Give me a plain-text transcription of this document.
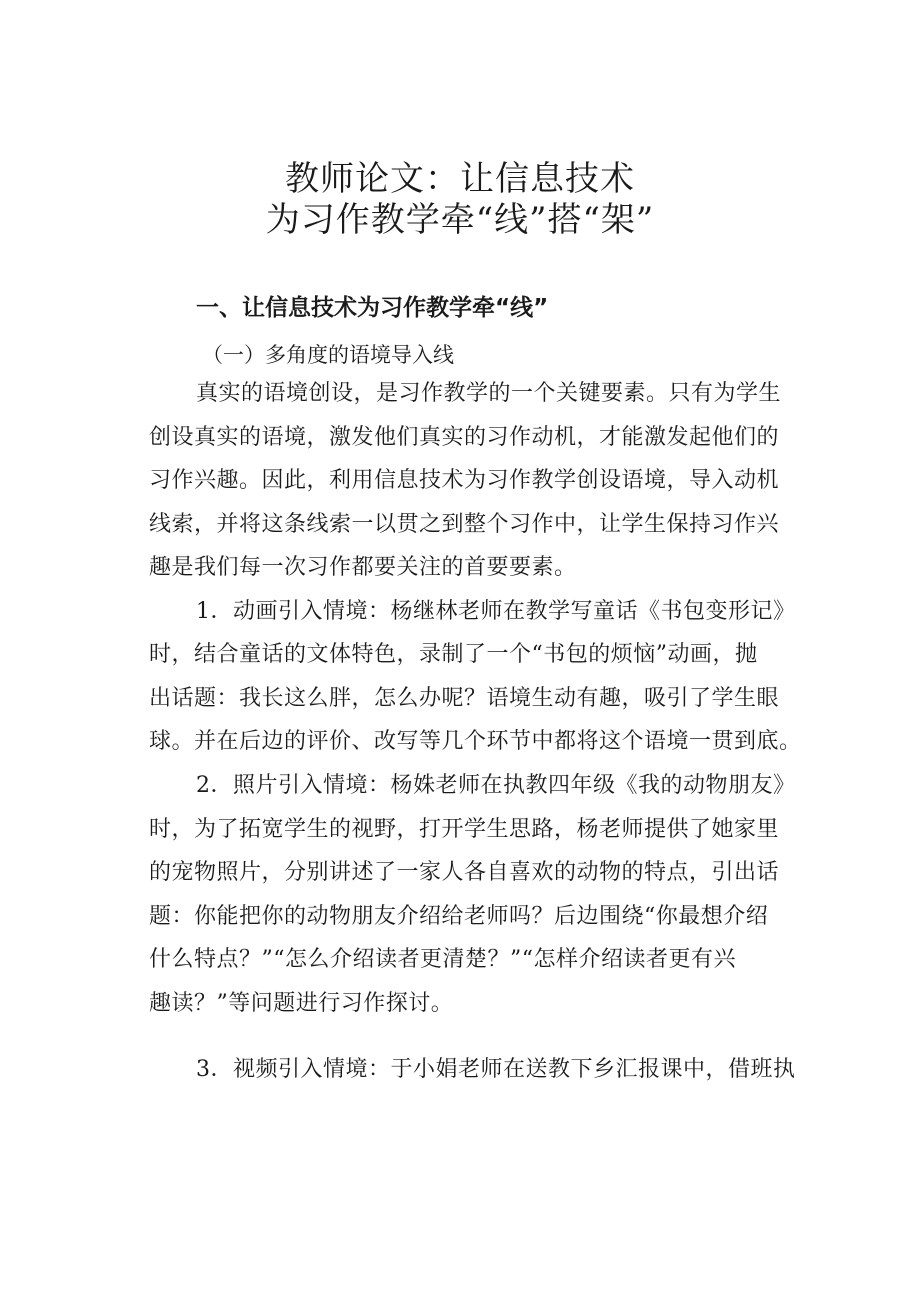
教师论文：让信息技术
为习作教学牵“线”搭“架”
一、让信息技术为习作教学牵“线”
（一）多角度的语境导入线
真实的语境创设，是习作教学的一个关键要素。只有为学生
创设真实的语境，激发他们真实的习作动机，才能激发起他们的
习作兴趣。因此，利用信息技术为习作教学创设语境，导入动机
线索，并将这条线索一以贯之到整个习作中，让学生保持习作兴
趣是我们每一次习作都要关注的首要要素。
1．动画引入情境：杨继林老师在教学写童话《书包变形记》
时，结合童话的文体特色，录制了一个“书包的烦恼”动画，抛
出话题：我长这么胖，怎么办呢？语境生动有趣，吸引了学生眼
球。并在后边的评价、改写等几个环节中都将这个语境一贯到底。
2．照片引入情境：杨姝老师在执教四年级《我的动物朋友》
时，为了拓宽学生的视野，打开学生思路，杨老师提供了她家里
的宠物照片，分别讲述了一家人各自喜欢的动物的特点，引出话
题：你能把你的动物朋友介绍给老师吗？后边围绕“你最想介绍
什么特点？”“怎么介绍读者更清楚？”“怎样介绍读者更有兴
趣读？”等问题进行习作探讨。
3．视频引入情境：于小娟老师在送教下乡汇报课中，借班执
